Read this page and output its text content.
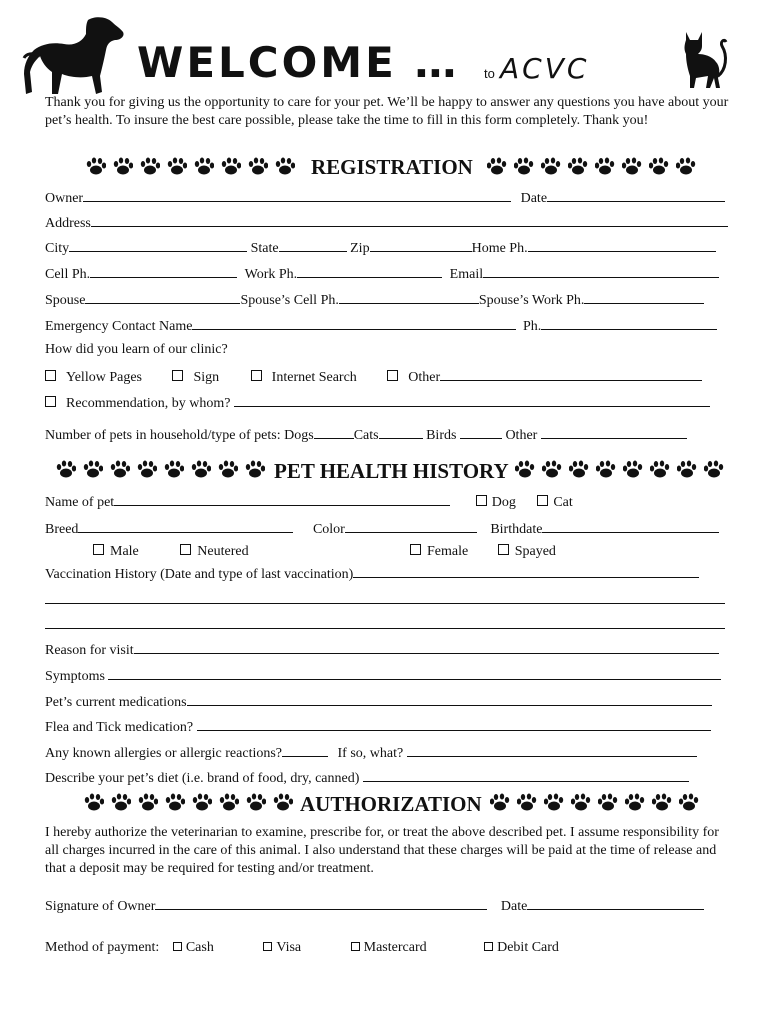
WELCOME … to ACVC
Thank you for giving us the opportunity to care for your pet. We’ll be happy to answer any questions you have about your pet’s health. To insure the best care possible, please take the time to fill in this form completely. Thank you!
REGISTRATION
Owner	Date
Address
City	State	Zip	Home Ph.
Cell Ph.	Work Ph.	Email
Spouse	Spouse’s Cell Ph.	Spouse’s Work Ph.
Emergency Contact Name	Ph.
How did you learn of our clinic?
Yellow Pages	Sign	Internet Search	Other
Recommendation, by whom?
Number of pets in household/type of pets: Dogs	Cats	Birds	Other
PET HEALTH HISTORY
Name of pet	Dog	Cat
Breed	Color	Birthdate
Male	Neutered	Female	Spayed
Vaccination History (Date and type of last vaccination)
Reason for visit
Symptoms
Pet’s current medications
Flea and Tick medication?
Any known allergies or allergic reactions?	If so, what?
Describe your pet’s diet (i.e. brand of food, dry, canned)
AUTHORIZATION
I hereby authorize the veterinarian to examine, prescribe for, or treat the above described pet. I assume responsibility for all charges incurred in the care of this animal. I also understand that these charges will be paid at the time of release and that a deposit may be required for testing and/or treatment.
Signature of Owner	Date
Method of payment: Cash	Visa	Mastercard	Debit Card
